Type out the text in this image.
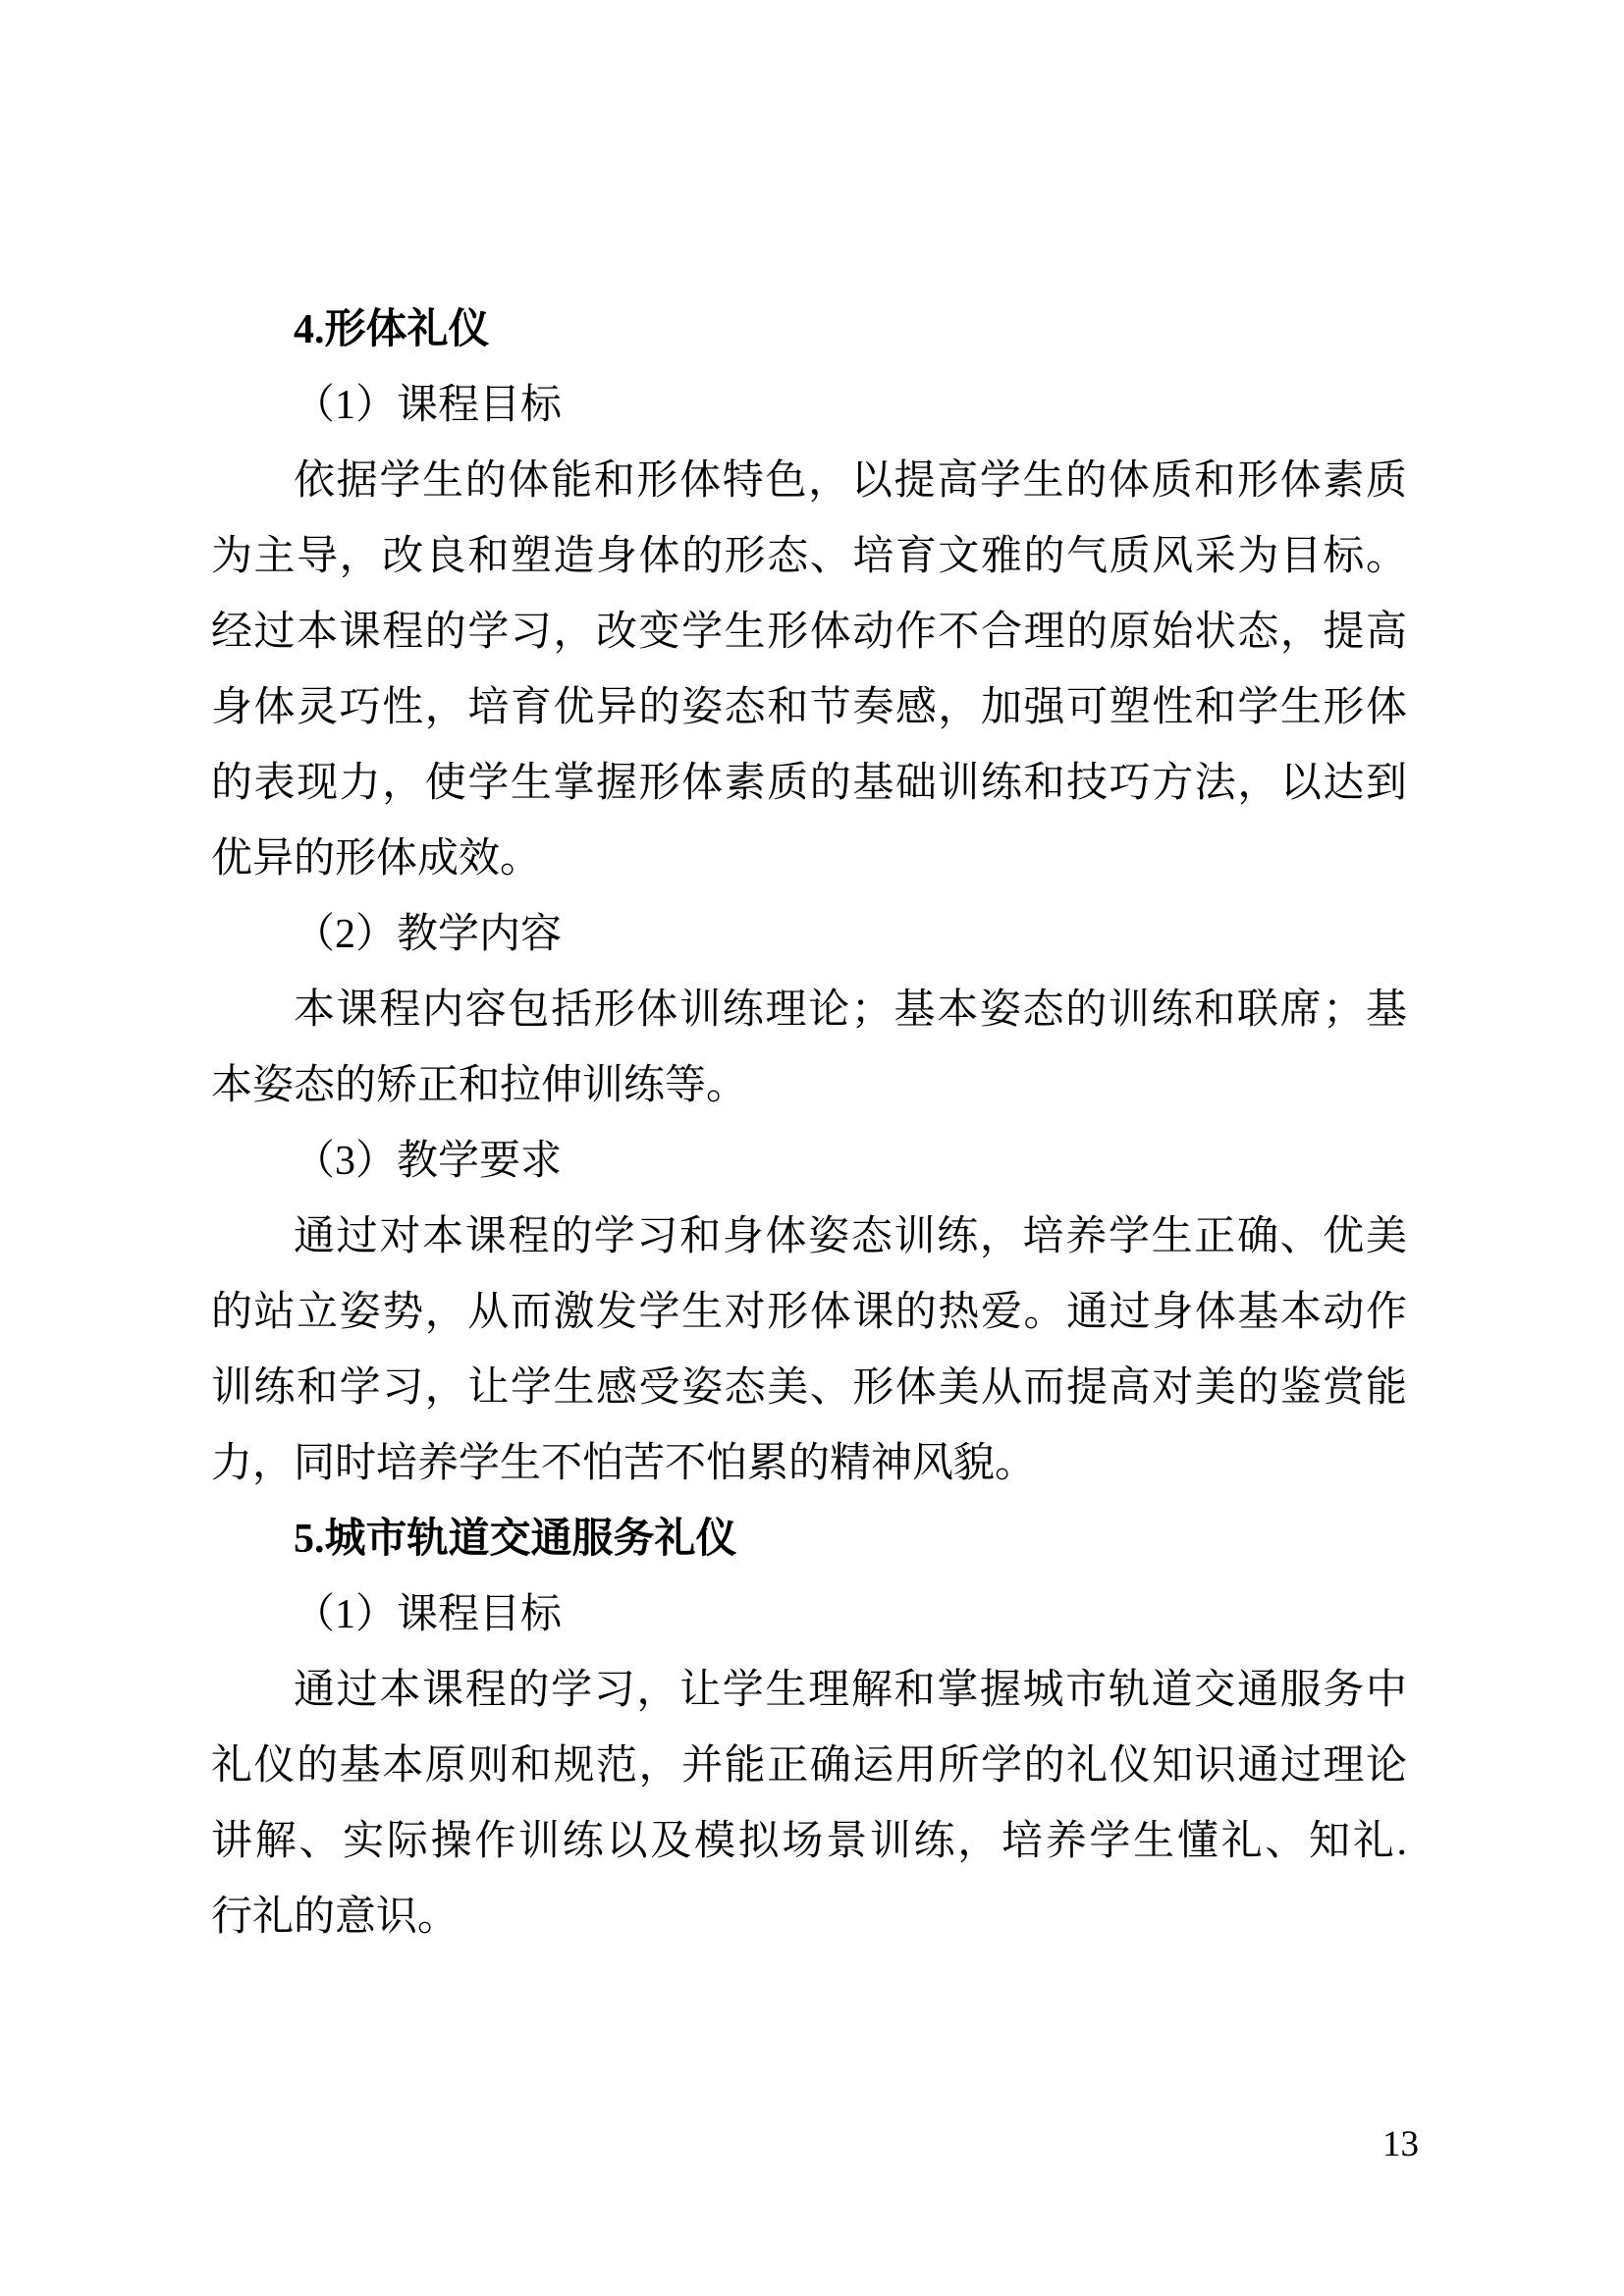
4.形体礼仪
（1）课程目标
依据学生的体能和形体特色，以提高学生的体质和形体素质
为主导，改良和塑造身体的形态、培育文雅的气质风采为目标。
经过本课程的学习，改变学生形体动作不合理的原始状态，提高
身体灵巧性，培育优异的姿态和节奏感，加强可塑性和学生形体
的表现力，使学生掌握形体素质的基础训练和技巧方法，以达到
优异的形体成效。
（2）教学内容
本课程内容包括形体训练理论；基本姿态的训练和联席；基
本姿态的矫正和拉伸训练等。
（3）教学要求
通过对本课程的学习和身体姿态训练，培养学生正确、优美
的站立姿势，从而激发学生对形体课的热爱。通过身体基本动作
训练和学习，让学生感受姿态美、形体美从而提高对美的鉴赏能
力，同时培养学生不怕苦不怕累的精神风貌。
5.城市轨道交通服务礼仪
（1）课程目标
通过本课程的学习，让学生理解和掌握城市轨道交通服务中
礼仪的基本原则和规范，并能正确运用所学的礼仪知识通过理论
讲解、实际操作训练以及模拟场景训练，培养学生懂礼、知礼.
行礼的意识。
13
